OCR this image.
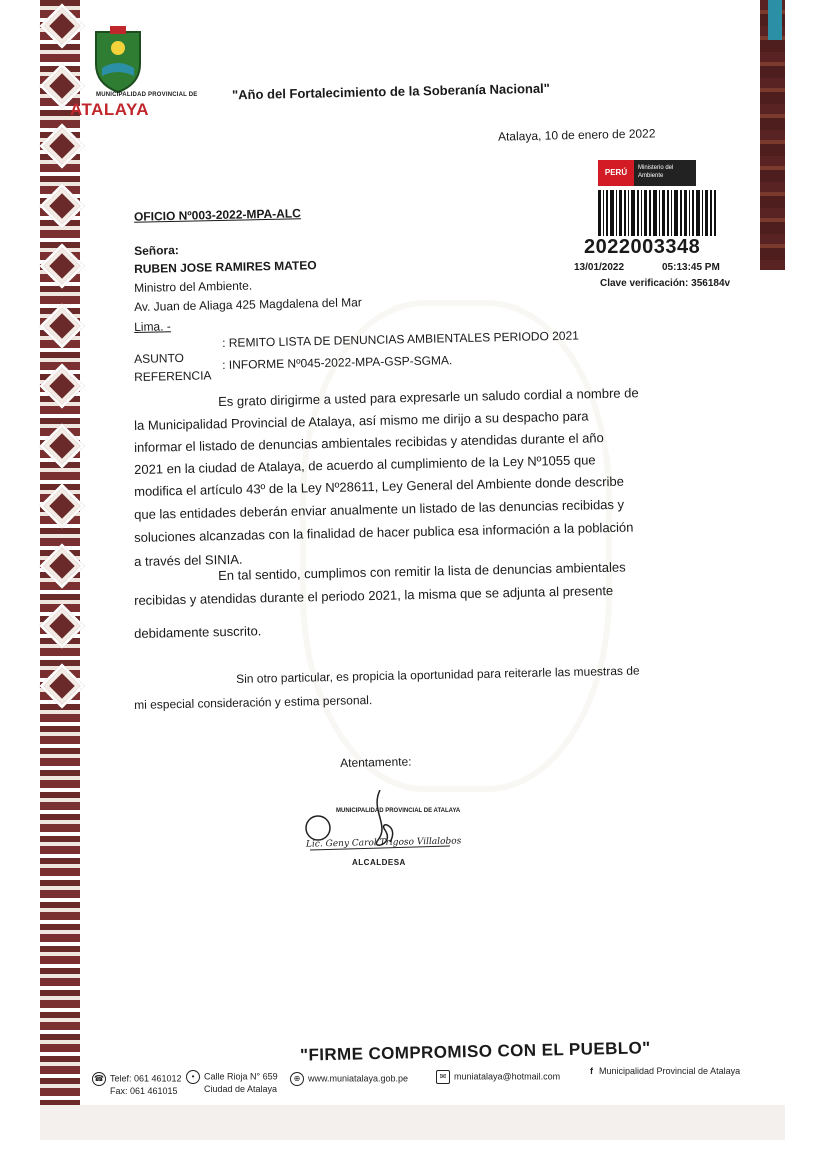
MUNICIPALIDAD PROVINCIAL DE
ATALAYA
"Año del Fortalecimiento de la Soberanía Nacional"
Atalaya, 10 de enero de 2022
PERÚ	Ministerio del Ambiente
2022003348
13/01/2022	05:13:45 PM
Clave verificación: 356184v
OFICIO Nº003-2022-MPA-ALC
Señora:
RUBEN JOSE RAMIRES MATEO
Ministro del Ambiente.
Av. Juan de Aliaga 425 Magdalena del Mar
Lima. -
ASUNTO
: REMITO LISTA DE DENUNCIAS AMBIENTALES PERIODO 2021
REFERENCIA
: INFORME Nº045-2022-MPA-GSP-SGMA.
Es grato dirigirme a usted para expresarle un saludo cordial a nombre de
la Municipalidad Provincial de Atalaya, así mismo me dirijo a su despacho para
informar el listado de denuncias ambientales recibidas y atendidas durante el año
2021 en la ciudad de Atalaya, de acuerdo al cumplimiento de la Ley Nº1055 que
modifica el artículo 43º de la Ley Nº28611, Ley General del Ambiente donde describe
que las entidades deberán enviar anualmente un listado de las denuncias recibidas y
soluciones alcanzadas con la finalidad de hacer publica esa información a la población
a través del SINIA.
En tal sentido, cumplimos con remitir la lista de denuncias ambientales
recibidas y atendidas durante el periodo 2021, la misma que se adjunta al presente
debidamente suscrito.
Sin otro particular, es propicia la oportunidad para reiterarle las muestras de
mi especial consideración y estima personal.
Atentamente:
MUNICIPALIDAD PROVINCIAL DE ATALAYA
Lic. Geny Carol Trigoso Villalobos
ALCALDESA
"FIRME COMPROMISO CON EL PUEBLO"
☎ Telef: 061 461012
Fax: 061 461015
• Calle Rioja N° 659
Ciudad de Atalaya
⊕ www.muniatalaya.gob.pe	✉ muniatalaya@hotmail.com
f Municipalidad Provincial de Atalaya
